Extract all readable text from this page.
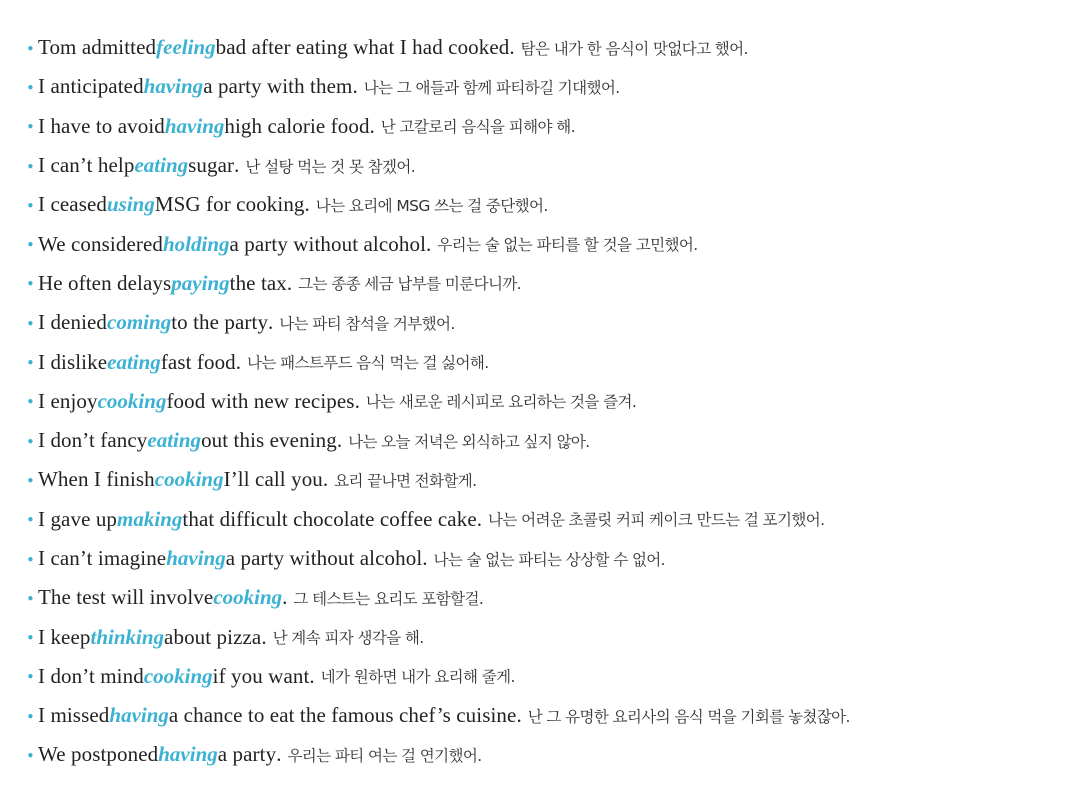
• Tom admitted feeling bad after eating what I had cooked . 탐은 내가 한 음식이 맛없다고 했어.
• I anticipated having a party with them . 나는 그 애들과 함께 파티하길 기대했어.
• I have to avoid having high calorie food . 난 고칼로리 음식을 피해야 해.
• I can’t help eating sugar . 난 설탕 먹는 것 못 참겠어.
• I ceased using MSG for cooking . 나는 요리에 MSG 쓰는 걸 중단했어.
• We considered holding a party without alcohol . 우리는 술 없는 파티를 할 것을 고민했어.
• He often delays paying the tax . 그는 종종 세금 납부를 미룬다니까.
• I denied coming to the party . 나는 파티 참석을 거부했어.
• I dislike eating fast food . 나는 패스트푸드 음식 먹는 걸 싫어해.
• I enjoy cooking food with new recipes . 나는 새로운 레시피로 요리하는 것을 즐겨.
• I don’t fancy eating out this evening . 나는 오늘 저녁은 외식하고 싶지 않아.
• When I finish cooking I’ll call you . 요리 끝나면 전화할게.
• I gave up making that difficult chocolate coffee cake . 나는 어려운 초콜릿 커피 케이크 만드는 걸 포기했어.
• I can’t imagine having a party without alcohol . 나는 술 없는 파티는 상상할 수 없어.
• The test will involve cooking . 그 테스트는 요리도 포함할걸.
• I keep thinking about pizza . 난 계속 피자 생각을 해.
• I don’t mind cooking if you want . 네가 원하면 내가 요리해 줄게.
• I missed having a chance to eat the famous chef’s cuisine . 난 그 유명한 요리사의 음식 먹을 기회를 놓쳤잖아.
• We postponed having a party . 우리는 파티 여는 걸 연기했어.
